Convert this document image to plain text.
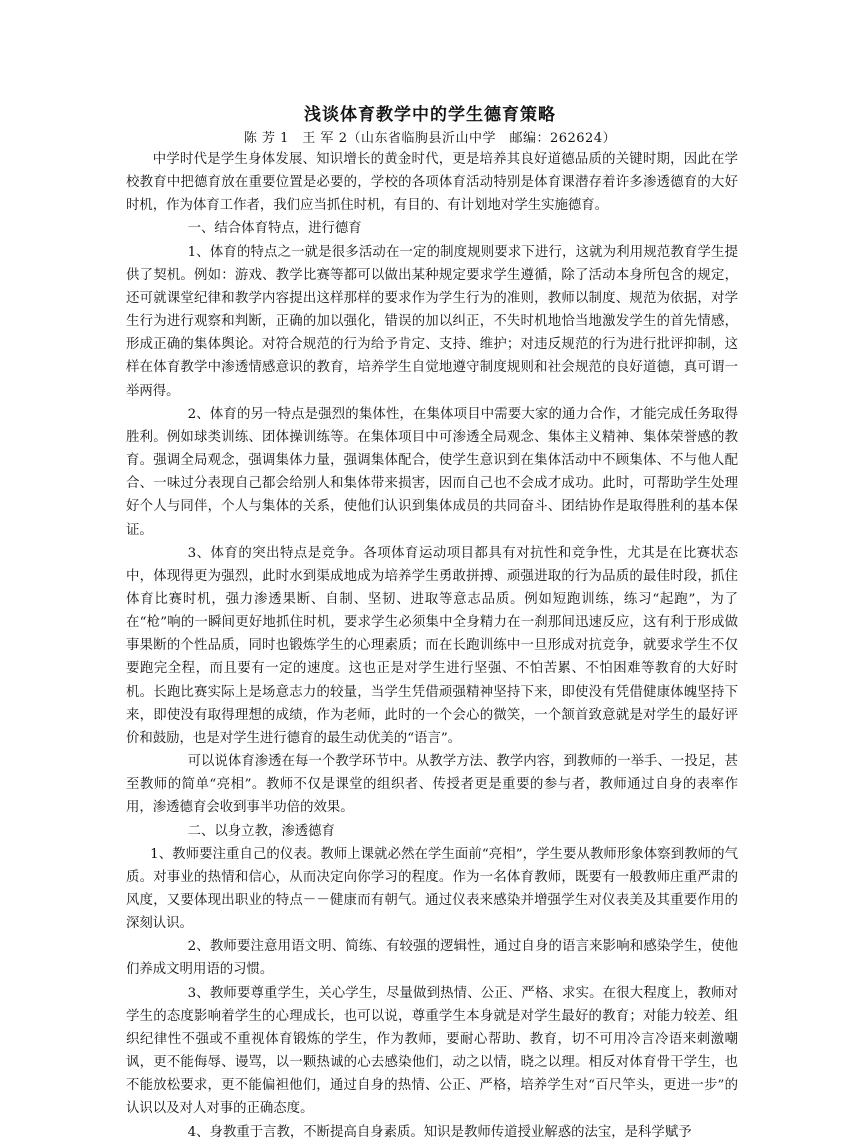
浅谈体育教学中的学生德育策略
陈 芳 1　王 军 2（山东省临朐县沂山中学　邮编：262624）

中学时代是学生身体发展、知识增长的黄金时代，更是培养其良好道德品质的关键时期，因此在学校教育中把德育放在重要位置是必要的，学校的各项体育活动特别是体育课潜存着许多渗透德育的大好时机，作为体育工作者，我们应当抓住时机，有目的、有计划地对学生实施德育。

一、结合体育特点，进行德育

1、体育的特点之一就是很多活动在一定的制度规则要求下进行，这就为利用规范教育学生提供了契机。例如：游戏、教学比赛等都可以做出某种规定要求学生遵循，除了活动本身所包含的规定，还可就课堂纪律和教学内容提出这样那样的要求作为学生行为的准则，教师以制度、规范为依据，对学生行为进行观察和判断，正确的加以强化，错误的加以纠正，不失时机地恰当地激发学生的首先情感，形成正确的集体舆论。对符合规范的行为给予肯定、支持、维护；对违反规范的行为进行批评抑制，这样在体育教学中渗透情感意识的教育，培养学生自觉地遵守制度规则和社会规范的良好道德，真可谓一举两得。

2、体育的另一特点是强烈的集体性，在集体项目中需要大家的通力合作，才能完成任务取得胜利。例如球类训练、团体操训练等。在集体项目中可渗透全局观念、集体主义精神、集体荣誉感的教育。强调全局观念，强调集体力量，强调集体配合，使学生意识到在集体活动中不顾集体、不与他人配合、一味过分表现自己都会给别人和集体带来损害，因而自己也不会成才成功。此时，可帮助学生处理好个人与同伴，个人与集体的关系，使他们认识到集体成员的共同奋斗、团结协作是取得胜利的基本保证。

3、体育的突出特点是竞争。各项体育运动项目都具有对抗性和竞争性，尤其是在比赛状态中，体现得更为强烈，此时水到渠成地成为培养学生勇敢拼搏、顽强进取的行为品质的最佳时段，抓住体育比赛时机，强力渗透果断、自制、坚韧、进取等意志品质。例如短跑训练，练习“起跑”，为了在“枪”响的一瞬间更好地抓住时机，要求学生必须集中全身精力在一刹那间迅速反应，这有利于形成做事果断的个性品质，同时也锻炼学生的心理素质；而在长跑训练中一旦形成对抗竞争，就要求学生不仅要跑完全程，而且要有一定的速度。这也正是对学生进行坚强、不怕苦累、不怕困难等教育的大好时机。长跑比赛实际上是场意志力的较量，当学生凭借顽强精神坚持下来，即使没有凭借健康体魄坚持下来，即使没有取得理想的成绩，作为老师，此时的一个会心的微笑，一个颔首致意就是对学生的最好评价和鼓励，也是对学生进行德育的最生动优美的“语言”。

可以说体育渗透在每一个教学环节中。从教学方法、教学内容，到教师的一举手、一投足，甚至教师的简单“亮相”。教师不仅是课堂的组织者、传授者更是重要的参与者，教师通过自身的表率作用，渗透德育会收到事半功倍的效果。

二、以身立教，渗透德育

1、教师要注重自己的仪表。教师上课就必然在学生面前“亮相”，学生要从教师形象体察到教师的气质。对事业的热情和信心，从而决定向你学习的程度。作为一名体育教师，既要有一般教师庄重严肃的风度，又要体现出职业的特点－－健康而有朝气。通过仪表来感染并增强学生对仪表美及其重要作用的深刻认识。

2、教师要注意用语文明、简练、有较强的逻辑性，通过自身的语言来影响和感染学生，使他们养成文明用语的习惯。

3、教师要尊重学生，关心学生，尽量做到热情、公正、严格、求实。在很大程度上，教师对学生的态度影响着学生的心理成长，也可以说，尊重学生本身就是对学生最好的教育；对能力较差、组织纪律性不强或不重视体育锻炼的学生，作为教师，要耐心帮助、教育，切不可用冷言冷语来刺激嘲讽，更不能侮辱、谩骂，以一颗热诚的心去感染他们，动之以情，晓之以理。相反对体育骨干学生，也不能放松要求，更不能偏袒他们，通过自身的热情、公正、严格，培养学生对“百尺竿头，更进一步”的认识以及对人对事的正确态度。

4、身教重于言教，不断提高自身素质。知识是教师传道授业解惑的法宝，是科学赋予
